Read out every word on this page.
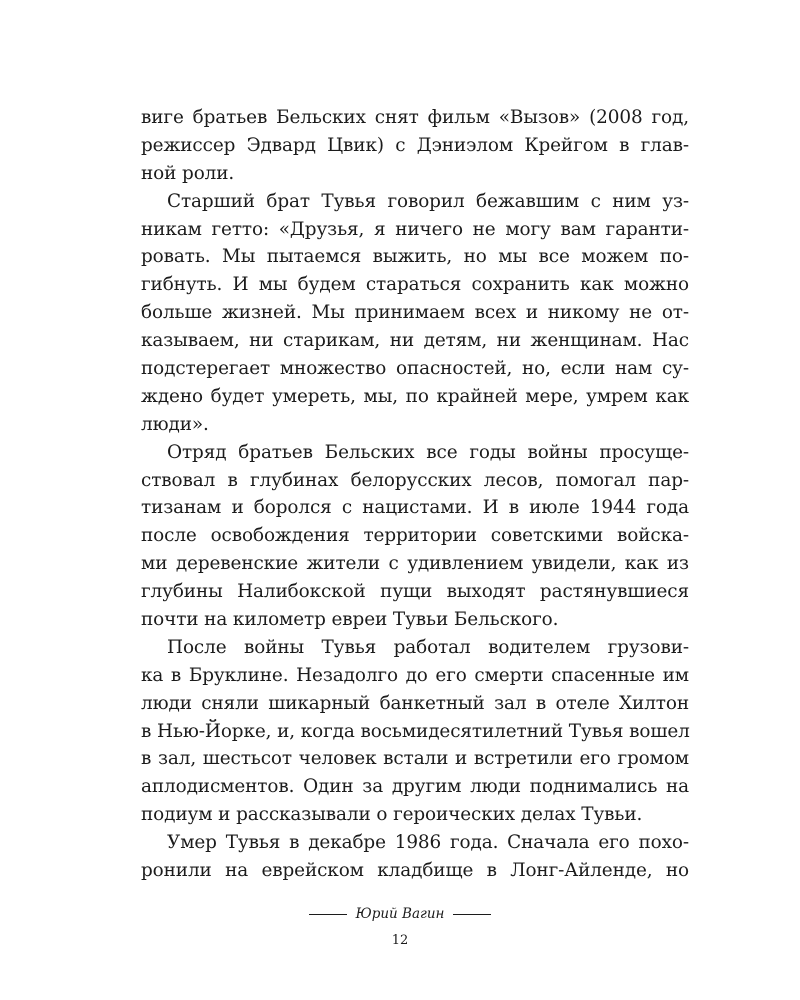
виге братьев Бельских снят фильм «Вызов» (2008 год,
режиссер Эдвард Цвик) с Дэниэлом Крейгом в глав-
ной роли.
Старший брат Тувья говорил бежавшим с ним уз-
никам гетто: «Друзья, я ничего не могу вам гаранти-
ровать. Мы пытаемся выжить, но мы все можем по-
гибнуть. И мы будем стараться сохранить как можно
больше жизней. Мы принимаем всех и никому не от-
казываем, ни старикам, ни детям, ни женщинам. Нас
подстерегает множество опасностей, но, если нам су-
ждено будет умереть, мы, по крайней мере, умрем как
люди».
Отряд братьев Бельских все годы войны просуще-
ствовал в глубинах белорусских лесов, помогал пар-
тизанам и боролся с нацистами. И в июле 1944 года
после освобождения территории советскими войска-
ми деревенские жители с удивлением увидели, как из
глубины Налибокской пущи выходят растянувшиеся
почти на километр евреи Тувьи Бельского.
После войны Тувья работал водителем грузови-
ка в Бруклине. Незадолго до его смерти спасенные им
люди сняли шикарный банкетный зал в отеле Хилтон
в Нью-Йорке, и, когда восьмидесятилетний Тувья вошел
в зал, шестьсот человек встали и встретили его громом
аплодисментов. Один за другим люди поднимались на
подиум и рассказывали о героических делах Тувьи.
Умер Тувья в декабре 1986 года. Сначала его похо-
ронили на еврейском кладбище в Лонг-Айленде, но
Юрий Вагин
12
